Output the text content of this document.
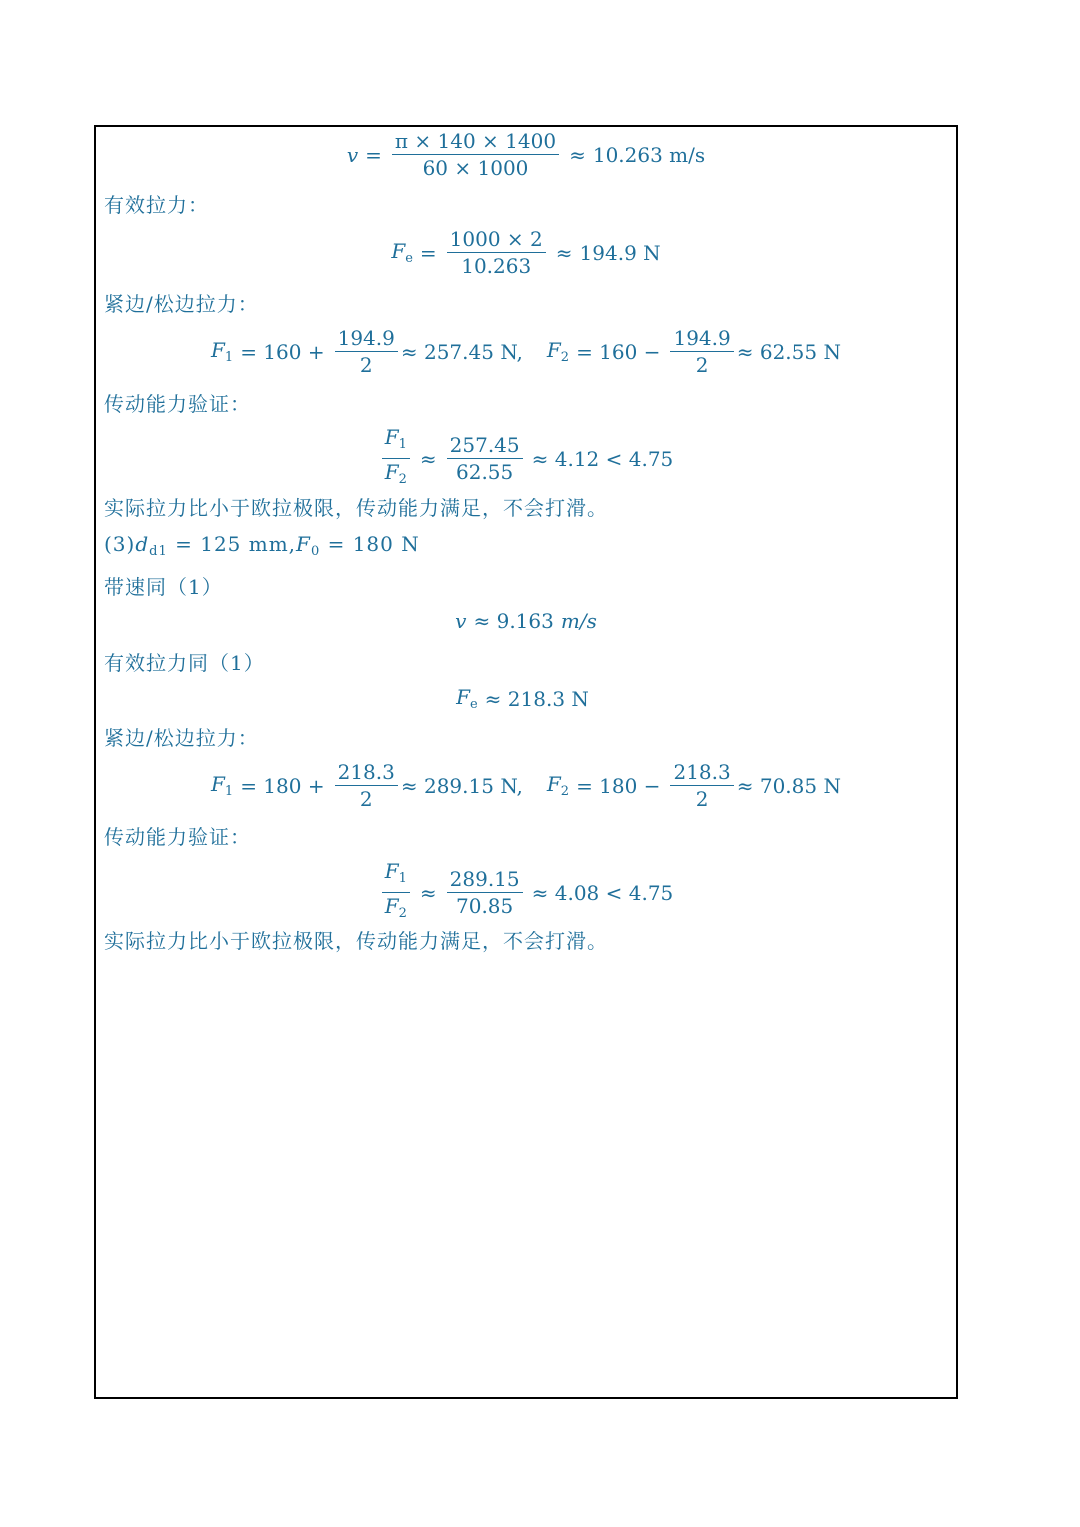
$v = \frac{\pi \times 140 \times 1400}{60 \times 1000} \approx 10.263$ m/s
有效拉力：
$F_e = \frac{1000 \times 2}{10.263} \approx 194.9$ N
紧边/松边拉力：
$F_1 = 160 + \frac{194.9}{2} \approx 257.45$ N, $F_2 = 160 - \frac{194.9}{2} \approx 62.55$ N
传动能力验证：
$\frac{F_1}{F_2} \approx \frac{257.45}{62.55} \approx 4.12 < 4.75$
实际拉力比小于欧拉极限，传动能力满足，不会打滑。
$(3)d_{d1} = 125$ $mm,F_0 = 180$ N
带速同（1）
v ≈ 9.163 m/s
有效拉力同（1）
$F_e \approx 218.3$ N
紧边/松边拉力：
$F_1 = 180 + \frac{218.3}{2} \approx 289.15$ N, $F_2 = 180 - \frac{218.3}{2} \approx 70.85$ N
传动能力验证：
$\frac{F_1}{F_2} \approx \frac{289.15}{70.85} \approx 4.08 < 4.75$
实际拉力比小于欧拉极限，传动能力满足，不会打滑。
